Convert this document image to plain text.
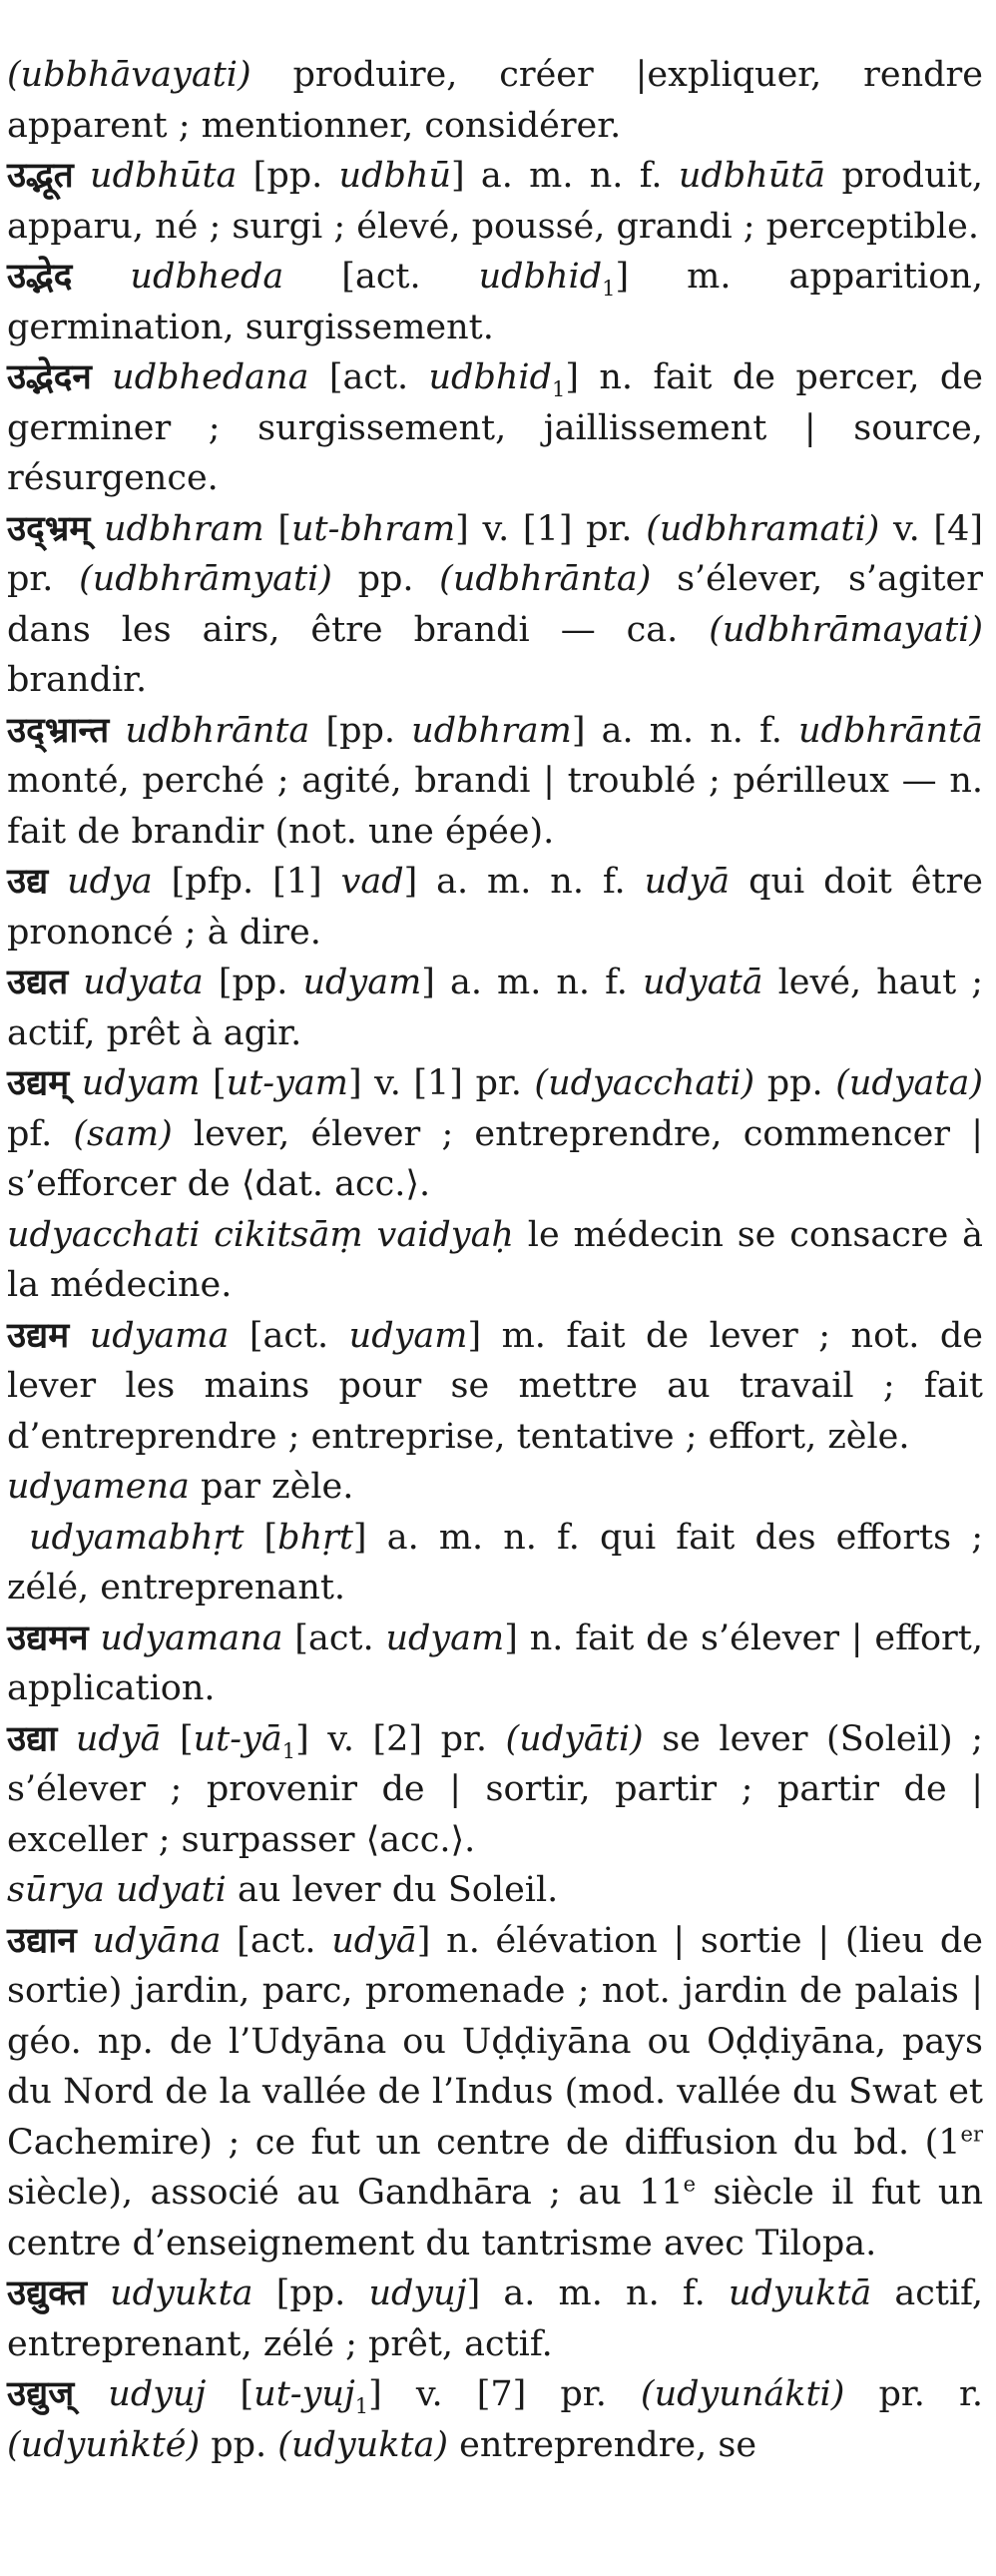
(ubbhāvayati) produire, créer |expliquer, rendre apparent ; mentionner, considérer.

उद्भूत udbhūta [pp. udbhū] a. m. n. f. udbhūtā produit, apparu, né ; surgi ; élevé, poussé, grandi ; perceptible.

उद्भेद udbheda [act. udbhid$_1$] m. apparition, germination, surgissement.

उद्भेदन udbhedana [act. udbhid$_1$] n. fait de percer, de germiner ; surgissement, jaillissement | source, résurgence.

उद्भ्रम् udbhram [ut-bhram] v. [1] pr. (udbhramati) v. [4] pr. (udbhrāmyati) pp. (udbhrānta) s’élever, s’agiter dans les airs, être brandi — ca. (udbhrāmayati) brandir.

उद्भ्रान्त udbhrānta [pp. udbhram] a. m. n. f. udbhrāntā monté, perché ; agité, brandi | troublé ; périlleux — n. fait de brandir (not. une épée).

उद्य udya [pfp. [1] vad] a. m. n. f. udyā qui doit être prononcé ; à dire.

उद्यत udyata [pp. udyam] a. m. n. f. udyatā levé, haut ; actif, prêt à agir.

उद्यम् udyam [ut-yam] v. [1] pr. (udyacchati) pp. (udyata) pf. (sam) lever, élever ; entreprendre, commencer | s’efforcer de ⟨dat. acc.⟩.

udyacchati cikitsāṃ vaidyaḥ le médecin se consacre à la médecine.

उद्यम udyama [act. udyam] m. fait de lever ; not. de lever les mains pour se mettre au travail ; fait d’entreprendre ; entreprise, tentative ; effort, zèle.

udyamena par zèle.

udyamabhṛt [bhṛt] a. m. n. f. qui fait des efforts ; zélé, entreprenant.

उद्यमन udyamana [act. udyam] n. fait de s’élever | effort, application.

उद्या udyā $[ut-yā_1]$ v. [2] pr. (udyāti) se lever (Soleil) ; s’élever ; provenir de | sortir, partir ; partir de | exceller ; surpasser ⟨acc.⟩.

sūrya udyati au lever du Soleil.

उद्यान udyāna [act. udyā] n. élévation | sortie | (lieu de sortie) jardin, parc, promenade ; not. jardin de palais | géo. np. de l’Udyāna ou Uḍḍiyāna ou Oḍḍiyāna, pays du Nord de la vallée de l’Indus (mod. vallée du Swat et Cachemire) ; ce fut un centre de diffusion du bd. (1er siècle), associé au Gandhāra ; au 11e siècle il fut un centre d’enseignement du tantrisme avec Tilopa.

उद्युक्त udyukta [pp. udyuj] a. m. n. f. udyuktā actif, entreprenant, zélé ; prêt, actif.

उद्युज् udyuj [ut-yuj$_1$] v. [7] pr. (udyunákti) pr. r. (udyuṅkté) pp. (udyukta) entreprendre, se
